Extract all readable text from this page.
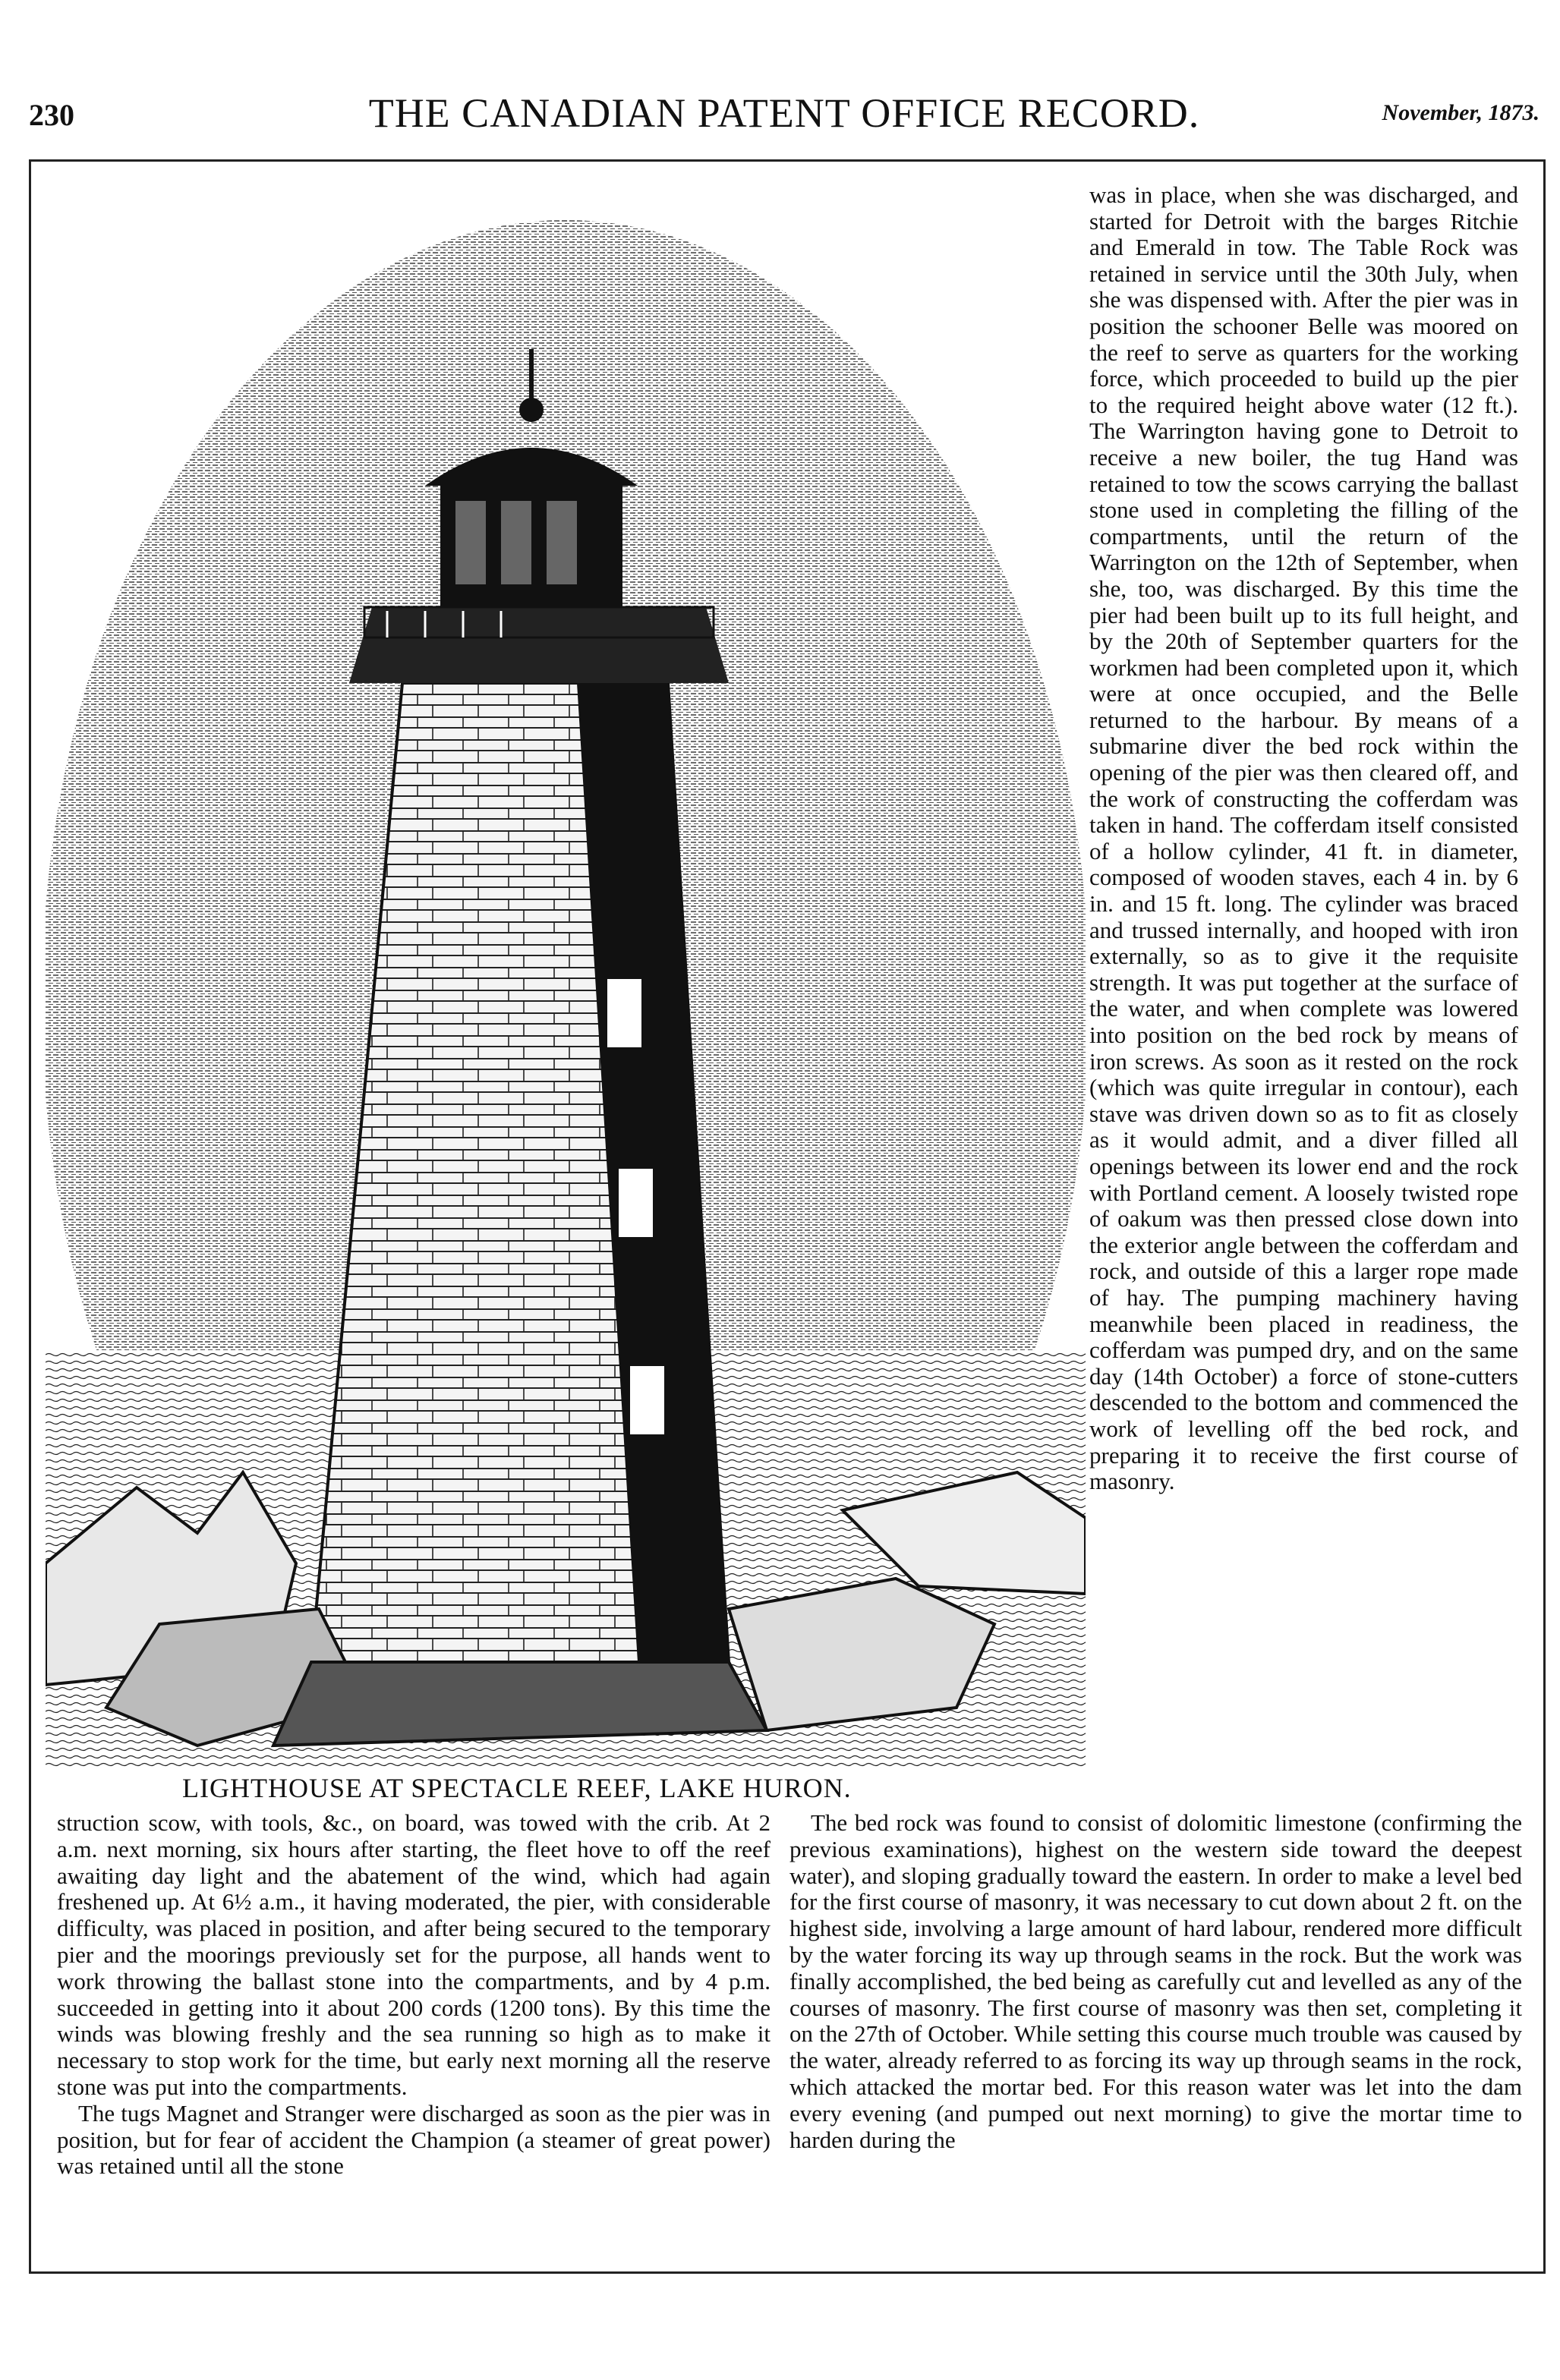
230	THE CANADIAN PATENT OFFICE RECORD.	November, 1873.
LIGHTHOUSE AT SPECTACLE REEF, LAKE HURON.

was in place, when she was discharged, and started for Detroit with the barges Ritchie and Emerald in tow. The Table Rock was retained in service until the 30th July, when she was dispensed with. After the pier was in position the schooner Belle was moored on the reef to serve as quarters for the working force, which proceeded to build up the pier to the required height above water (12 ft.). The Warrington having gone to Detroit to receive a new boiler, the tug Hand was retained to tow the scows carrying the ballast stone used in completing the filling of the compartments, until the return of the Warrington on the 12th of September, when she, too, was discharged. By this time the pier had been built up to its full height, and by the 20th of September quarters for the workmen had been completed upon it, which were at once occupied, and the Belle returned to the harbour. By means of a submarine diver the bed rock within the opening of the pier was then cleared off, and the work of constructing the cofferdam was taken in hand. The cofferdam itself consisted of a hollow cylinder, 41 ft. in diameter, composed of wooden staves, each 4 in. by 6 in. and 15 ft. long. The cylinder was braced and trussed internally, and hooped with iron externally, so as to give it the requisite strength. It was put together at the surface of the water, and when complete was lowered into position on the bed rock by means of iron screws. As soon as it rested on the rock (which was quite irregular in contour), each stave was driven down so as to fit as closely as it would admit, and a diver filled all openings between its lower end and the rock with Portland cement. A loosely twisted rope of oakum was then pressed close down into the exterior angle between the cofferdam and rock, and outside of this a larger rope made of hay. The pumping machinery having meanwhile been placed in readiness, the cofferdam was pumped dry, and on the same day (14th October) a force of stone-cutters descended to the bottom and commenced the work of levelling off the bed rock, and preparing it to receive the first course of masonry.

struction scow, with tools, &c., on board, was towed with the crib. At 2 a.m. next morning, six hours after starting, the fleet hove to off the reef awaiting day light and the abatement of the wind, which had again freshened up. At 6½ a.m., it having moderated, the pier, with considerable difficulty, was placed in position, and after being secured to the temporary pier and the moorings previously set for the purpose, all hands went to work throwing the ballast stone into the compartments, and by 4 p.m. succeeded in getting into it about 200 cords (1200 tons). By this time the winds was blowing freshly and the sea running so high as to make it necessary to stop work for the time, but early next morning all the reserve stone was put into the compartments.

The tugs Magnet and Stranger were discharged as soon as the pier was in position, but for fear of accident the Champion (a steamer of great power) was retained until all the stone

The bed rock was found to consist of dolomitic limestone (confirming the previous examinations), highest on the western side toward the deepest water), and sloping gradually toward the eastern. In order to make a level bed for the first course of masonry, it was necessary to cut down about 2 ft. on the highest side, involving a large amount of hard labour, rendered more difficult by the water forcing its way up through seams in the rock. But the work was finally accomplished, the bed being as carefully cut and levelled as any of the courses of masonry. The first course of masonry was then set, completing it on the 27th of October. While setting this course much trouble was caused by the water, already referred to as forcing its way up through seams in the rock, which attacked the mortar bed. For this reason water was let into the dam every evening (and pumped out next morning) to give the mortar time to harden during the
